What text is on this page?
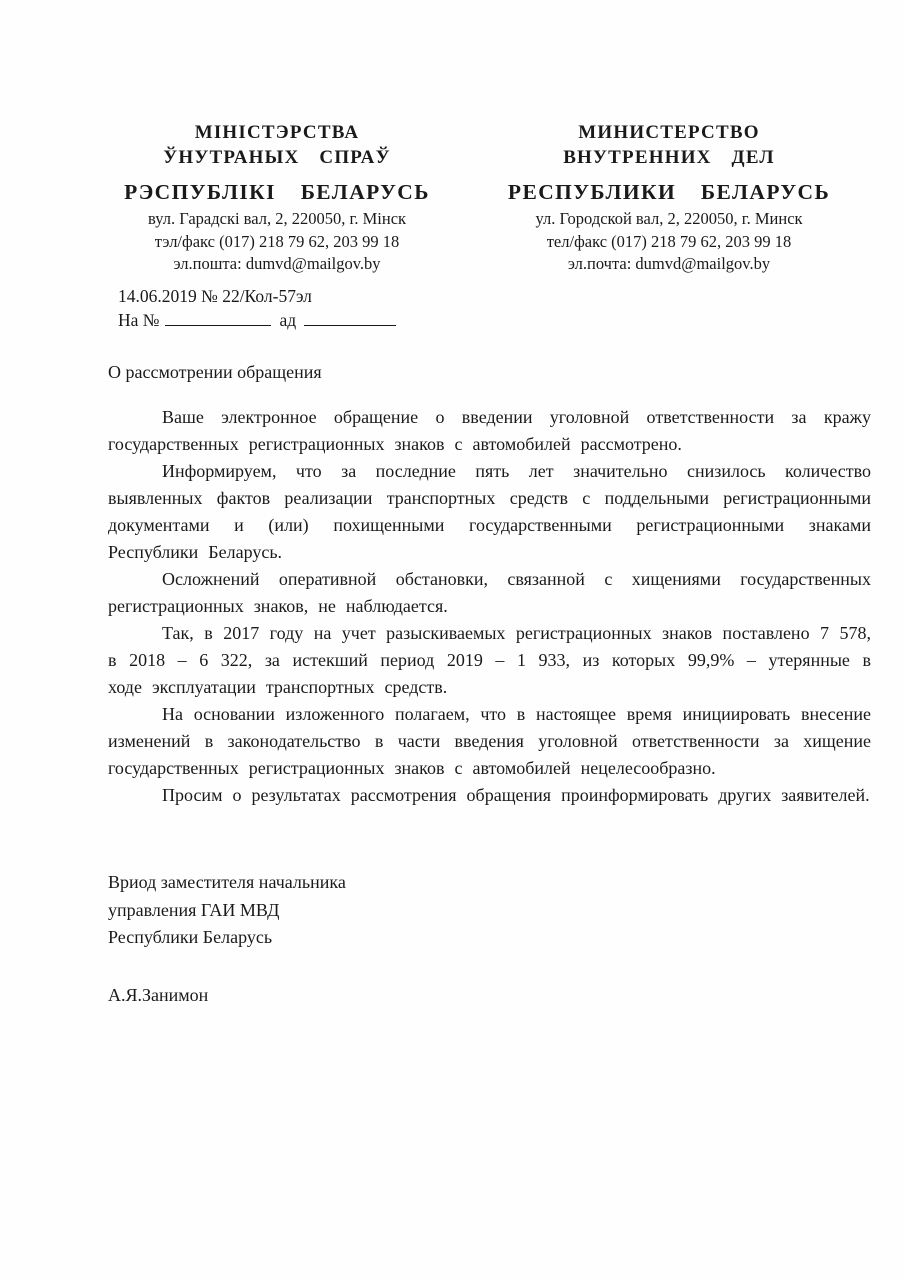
МІНІСТЭРСТВА
ЎНУТРАНЫХ СПРАЎ
РЭСПУБЛІКІ БЕЛАРУСЬ
вул. Гарадскі вал, 2, 220050, г. Мінск
тэл/факс (017) 218 79 62, 203 99 18
эл.пошта: dumvd@mailgov.by
МИНИСТЕРСТВО
ВНУТРЕННИХ ДЕЛ
РЕСПУБЛИКИ БЕЛАРУСЬ
ул. Городской вал, 2, 220050, г. Минск
тел/факс (017) 218 79 62, 203 99 18
эл.почта: dumvd@mailgov.by
14.06.2019 № 22/Кол-57эл
На №	ад
О рассмотрении обращения

Ваше электронное обращение о введении уголовной ответственности за кражу государственных регистрационных знаков с автомобилей рассмотрено.

Информируем, что за последние пять лет значительно снизилось количество выявленных фактов реализации транспортных средств с поддельными регистрационными документами и (или) похищенными государственными регистрационными знаками Республики Беларусь.

Осложнений оперативной обстановки, связанной с хищениями государственных регистрационных знаков, не наблюдается.

Так, в 2017 году на учет разыскиваемых регистрационных знаков поставлено 7 578, в 2018 – 6 322, за истекший период 2019 – 1 933, из которых 99,9% – утерянные в ходе эксплуатации транспортных средств.

На основании изложенного полагаем, что в настоящее время инициировать внесение изменений в законодательство в части введения уголовной ответственности за хищение государственных регистрационных знаков с автомобилей нецелесообразно.

Просим о результатах рассмотрения обращения проинформировать других заявителей.

Вриод заместителя начальника
управления ГАИ МВД
Республики Беларусь
А.Я.Занимон
